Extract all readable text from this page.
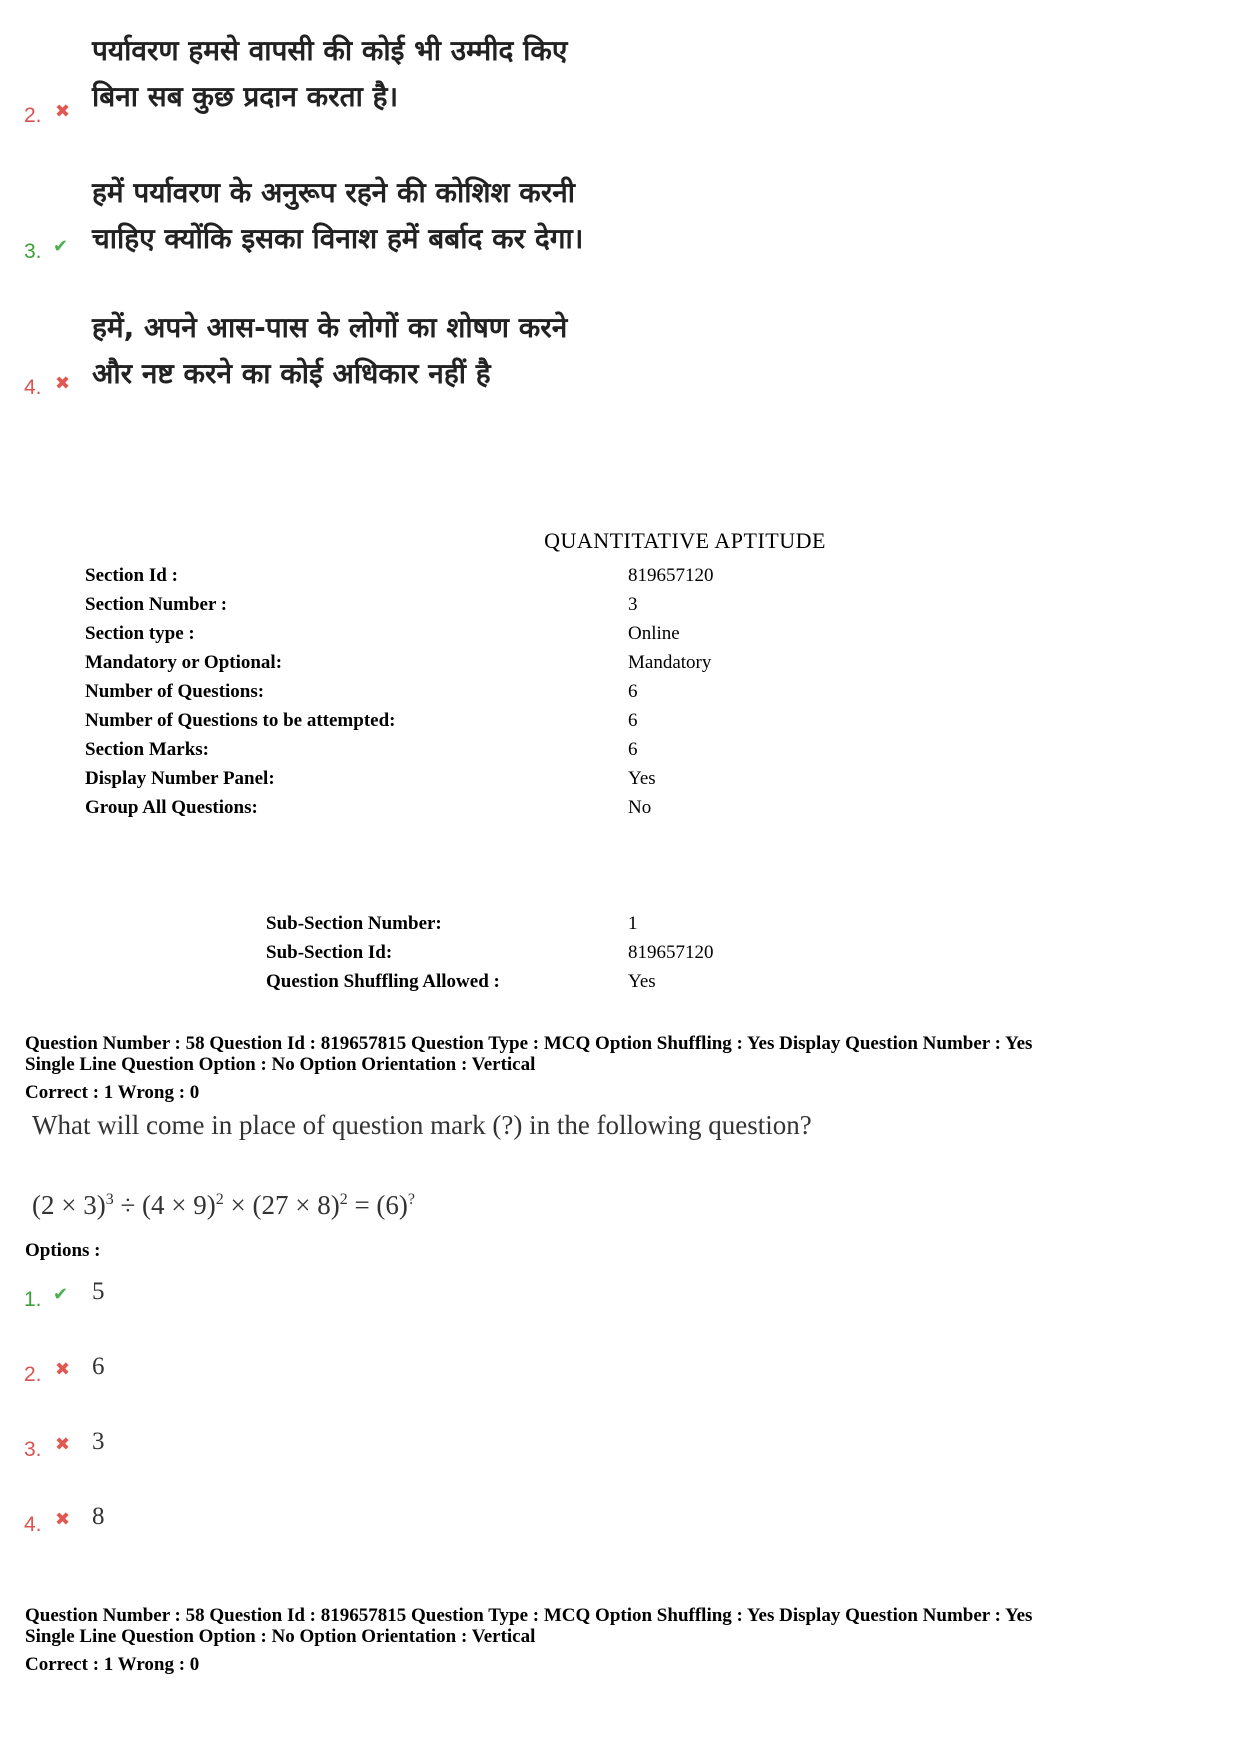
2. ✖
पर्यावरण हमसे वापसी की कोई भी उम्मीद किए
बिना सब कुछ प्रदान करता है।
3. ✔
हमें पर्यावरण के अनुरूप रहने की कोशिश करनी
चाहिए क्योंकि इसका विनाश हमें बर्बाद कर देगा।
4. ✖
हमें, अपने आस-पास के लोगों का शोषण करने
और नष्ट करने का कोई अधिकार नहीं है
QUANTITATIVE APTITUDE
Section Id :	819657120
Section Number :	3
Section type :	Online
Mandatory or Optional:	Mandatory
Number of Questions:	6
Number of Questions to be attempted:	6
Section Marks:	6
Display Number Panel:	Yes
Group All Questions:	No
Sub-Section Number:	1
Sub-Section Id:	819657120
Question Shuffling Allowed :	Yes
Question Number : 58 Question Id : 819657815 Question Type : MCQ Option Shuffling : Yes Display Question Number : Yes
Single Line Question Option : No Option Orientation : Vertical
Correct : 1 Wrong : 0
What will come in place of question mark (?) in the following question?
$(2 \times 3)^3 \div (4 \times 9)^2 \times (27 \times 8)^2 = (6)^?$
Options :
1. ✔ 5
2. ✖ 6
3. ✖ 3
4. ✖ 8
Question Number : 58 Question Id : 819657815 Question Type : MCQ Option Shuffling : Yes Display Question Number : Yes
Single Line Question Option : No Option Orientation : Vertical
Correct : 1 Wrong : 0
